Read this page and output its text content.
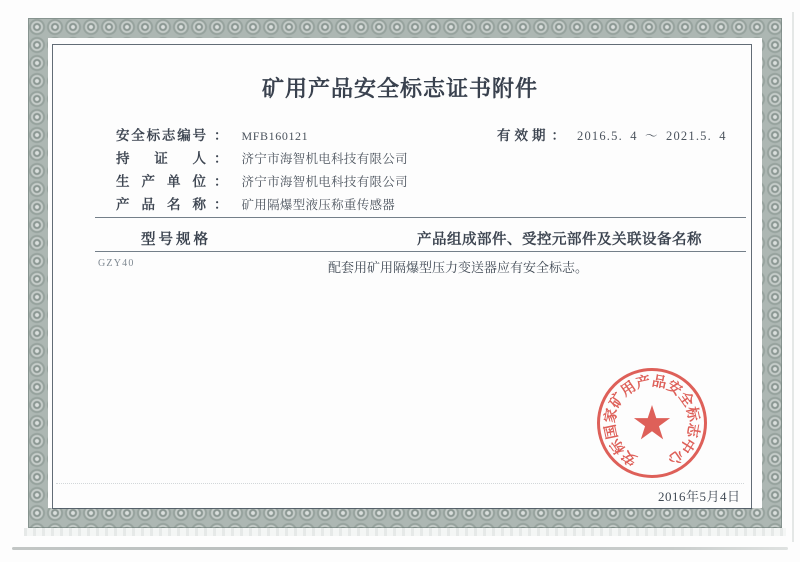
矿用产品安全标志证书附件
安全标志编号 ： MFB160121	有效期 ： 2016.5. 4 ～ 2021.5. 4
持 证 人 ： 济宁市海智机电科技有限公司
生 产 单 位 ： 济宁市海智机电科技有限公司
产 品 名 称 ： 矿用隔爆型液压称重传感器
型号规格	产品组成部件、受控元部件及关联设备名称
GZY40	配套用矿用隔爆型压力变送器应有安全标志。
安
标
国
家
矿
用
产
品
安
全
标
志
中
心
2016年5月4日
